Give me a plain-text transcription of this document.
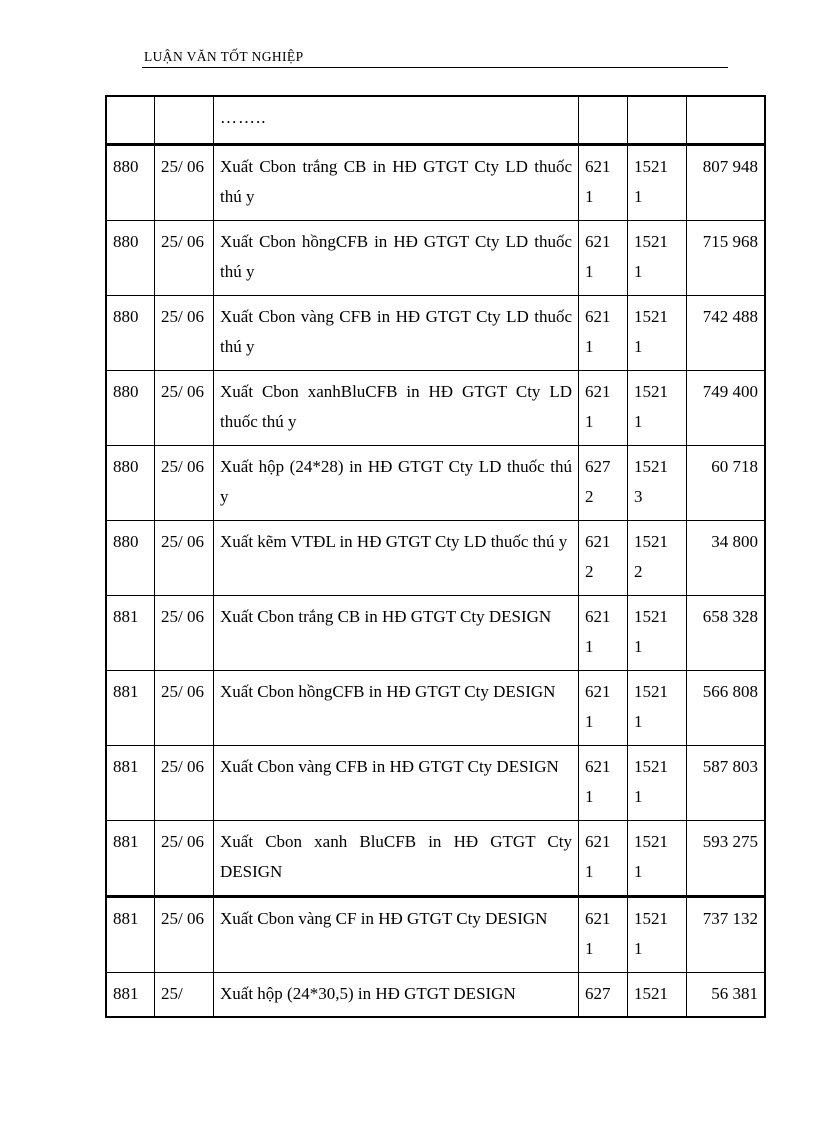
LUẬN VĂN TỐT NGHIỆP
		……..			
880	25/ 06	Xuất Cbon trắng CB in HĐ GTGT Cty LD thuốc thú y	621 1	1521 1	807 948
880	25/ 06	Xuất Cbon hồngCFB in HĐ GTGT Cty LD thuốc thú y	621 1	1521 1	715 968
880	25/ 06	Xuất Cbon vàng CFB in HĐ GTGT Cty LD thuốc thú y	621 1	1521 1	742 488
880	25/ 06	Xuất Cbon xanhBluCFB in HĐ GTGT Cty LD thuốc thú y	621 1	1521 1	749 400
880	25/ 06	Xuất hộp (24*28) in HĐ GTGT Cty LD thuốc thú y	627 2	1521 3	60 718
880	25/ 06	Xuất kẽm VTĐL in HĐ GTGT Cty LD thuốc thú y	621 2	1521 2	34 800
881	25/ 06	Xuất Cbon trắng CB in HĐ GTGT Cty DESIGN	621 1	1521 1	658 328
881	25/ 06	Xuất Cbon hồngCFB in HĐ GTGT Cty DESIGN	621 1	1521 1	566 808
881	25/ 06	Xuất Cbon vàng CFB in HĐ GTGT Cty DESIGN	621 1	1521 1	587 803
881	25/ 06	Xuất Cbon xanh BluCFB in HĐ GTGT Cty DESIGN	621 1	1521 1	593 275
881	25/ 06	Xuất Cbon vàng CF in HĐ GTGT Cty DESIGN	621 1	1521 1	737 132
881	25/	Xuất hộp (24*30,5) in HĐ GTGT DESIGN	627	1521	56 381
